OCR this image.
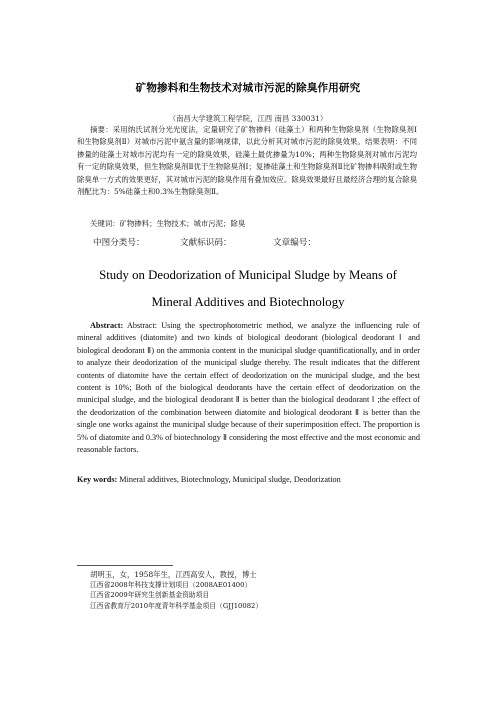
矿物掺料和生物技术对城市污泥的除臭作用研究
（南昌大学建筑工程学院，江西 南昌 330031）
摘要：采用纳氏试剂分光光度法，定量研究了矿物掺料（硅藻土）和两种生物除臭剂（生物除臭剂Ⅰ和生物除臭剂Ⅱ）对城市污泥中氨含量的影响规律，以此分析其对城市污泥的除臭效果。结果表明：不同掺量的硅藻土对城市污泥均有一定的除臭效果，硅藻土最优掺量为10%；两种生物除臭剂对城市污泥均有一定的除臭效果，但生物除臭剂Ⅱ优于生物除臭剂Ⅰ；复掺硅藻土和生物除臭剂Ⅱ比矿物掺料吸附或生物除臭单一方式的效果更好，其对城市污泥的除臭作用有叠加效应。除臭效果最好且最经济合理的复合除臭剂配比为：5%硅藻土和0.3%生物除臭剂Ⅱ。
关键词：矿物掺料；生物技术；城市污泥；除臭
中图分类号：	文献标识码：	文章编号：
Study on Deodorization of Municipal Sludge by Means of
Mineral Additives and Biotechnology
Abstract: Abstract: Using the spectrophotometric method, we analyze the influencing rule of mineral additives (diatomite) and two kinds of biological deodorant (biological deodorant Ⅰ and biological deodorant Ⅱ) on the ammonia content in the municipal sludge quantificationally, and in order to analyze their deodorization of the municipal sludge thereby. The result indicates that the different contents of diatomite have the certain effect of deodorization on the municipal sludge, and the best content is 10%; Both of the biological deodorants have the certain effect of deodorization on the municipal sludge, and the biological deodorant Ⅱ is better than the biological deodorant Ⅰ ;the effect of the deodorization of the combination between diatomite and biological deodorant Ⅱ is better than the single one works against the municipal sludge because of their superimposition effect. The proportion is 5% of diatomite and 0.3% of biotechnology Ⅱ considering the most effective and the most economic and reasonable factors.
Key words: Mineral additives, Biotechnology, Municipal sludge, Deodorization
胡明玉，女，1958年生，江西高安人，教授，博士
江西省2008年科技支撑计划项目（2008AE01400）
江西省2009年研究生创新基金资助项目
江西省教育厅2010年度青年科学基金项目（GJJ10082）
